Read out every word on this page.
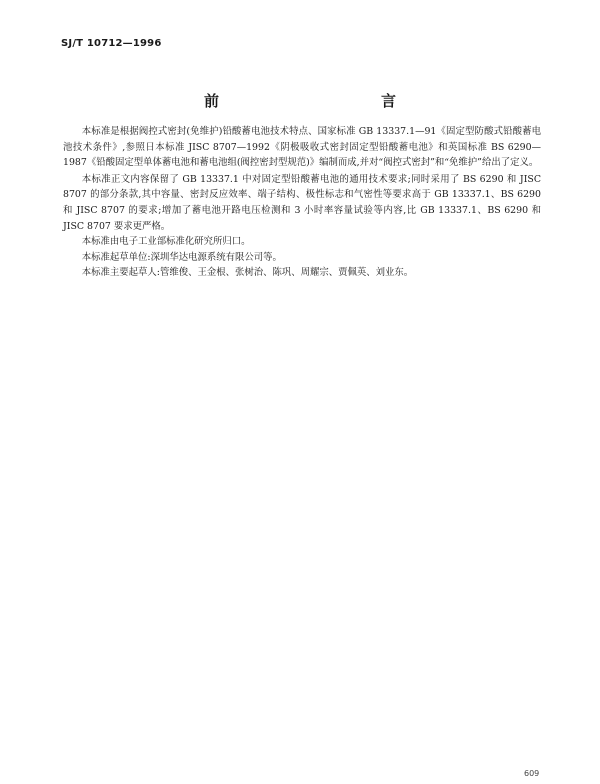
SJ/T 10712—1996
前　　言

本标准是根据阀控式密封(免维护)铅酸蓄电池技术特点、国家标准 GB 13337.1—91《固定型防酸式铅酸蓄电池技术条件》,参照日本标准 JISC 8707—1992《阴极吸收式密封固定型铅酸蓄电池》和英国标准 BS 6290—1987《铅酸固定型单体蓄电池和蓄电池组(阀控密封型规范)》编制而成,并对“阀控式密封”和“免维护”给出了定义。

本标准正文内容保留了 GB 13337.1 中对固定型铅酸蓄电池的通用技术要求;同时采用了 BS 6290 和 JISC 8707 的部分条款,其中容量、密封反应效率、端子结构、极性标志和气密性等要求高于 GB 13337.1、BS 6290 和 JISC 8707 的要求;增加了蓄电池开路电压检测和 3 小时率容量试验等内容,比 GB 13337.1、BS 6290 和 JISC 8707 要求更严格。

本标准由电子工业部标准化研究所归口。

本标准起草单位:深圳华达电源系统有限公司等。

本标准主要起草人:管维俊、王金根、张树治、陈巩、周耀宗、贾佩英、刘业东。

609
